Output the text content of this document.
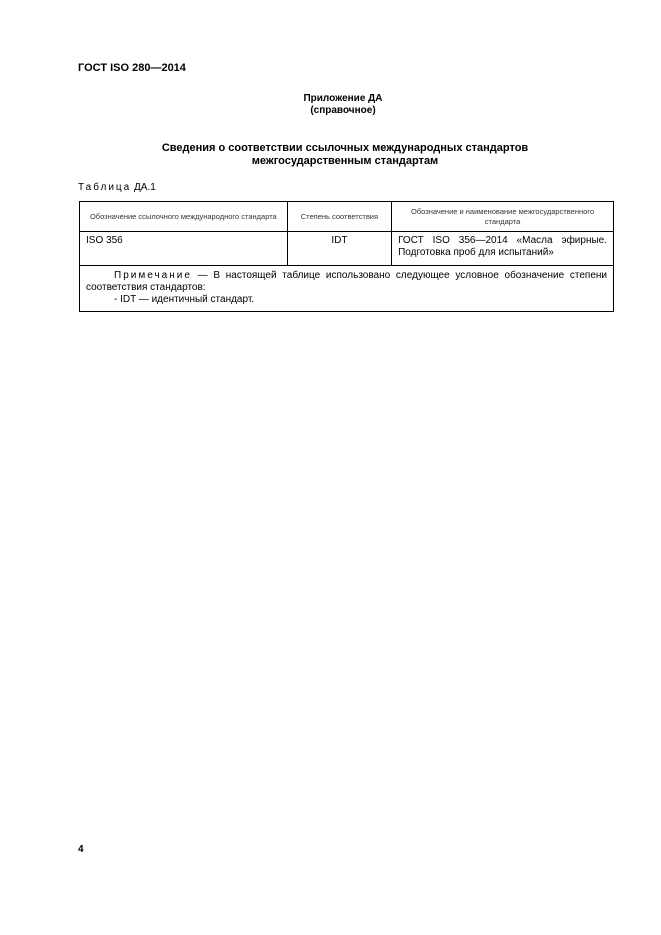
ГОСТ ISO 280—2014
Приложение ДА
(справочное)
Сведения о соответствии ссылочных международных стандартов
межгосударственным стандартам
Таблица ДА.1
Обозначение ссылочного международного стандарта	Степень соответствия	Обозначение и наименование межгосударственного стандарта
ISO 356	IDT	ГОСТ ISO 356—2014 «Масла эфирные. Подготовка проб для испытаний»

Примечание — В настоящей таблице использовано следующее условное обозначение степени соответствия стандартов:
- IDT — идентичный стандарт.		
4
